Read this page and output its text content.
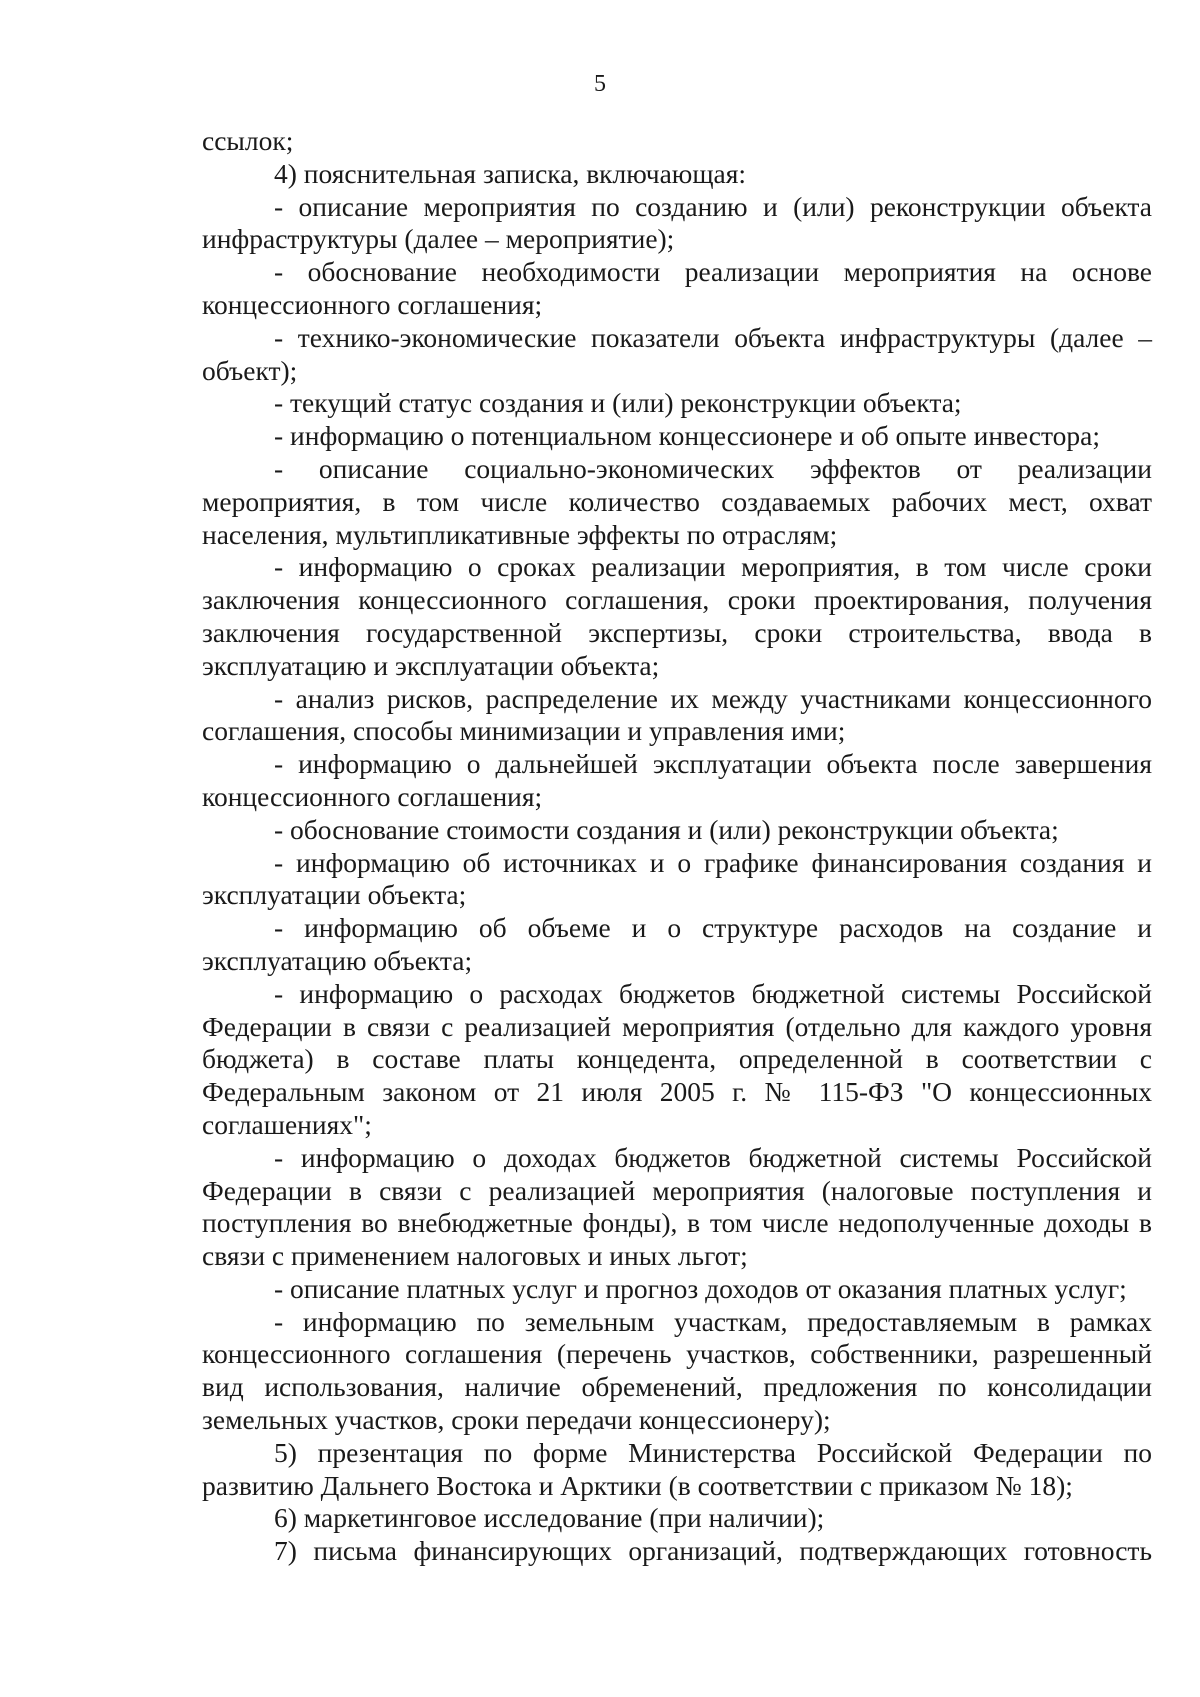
5

ссылок;

4) пояснительная записка, включающая:

- описание мероприятия по созданию и (или) реконструкции объекта инфраструктуры (далее – мероприятие);

- обоснование необходимости реализации мероприятия на основе концессионного соглашения;

- технико-экономические показатели объекта инфраструктуры (далее – объект);

- текущий статус создания и (или) реконструкции объекта;

- информацию о потенциальном концессионере и об опыте инвестора;

- описание социально-экономических эффектов от реализации мероприятия, в том числе количество создаваемых рабочих мест, охват населения, мультипликативные эффекты по отраслям;

- информацию о сроках реализации мероприятия, в том числе сроки заключения концессионного соглашения, сроки проектирования, получения заключения государственной экспертизы, сроки строительства, ввода в эксплуатацию и эксплуатации объекта;

- анализ рисков, распределение их между участниками концессионного соглашения, способы минимизации и управления ими;

- информацию о дальнейшей эксплуатации объекта после завершения концессионного соглашения;

- обоснование стоимости создания и (или) реконструкции объекта;

- информацию об источниках и о графике финансирования создания и эксплуатации объекта;

- информацию об объеме и о структуре расходов на создание и эксплуатацию объекта;

- информацию о расходах бюджетов бюджетной системы Российской Федерации в связи с реализацией мероприятия (отдельно для каждого уровня бюджета) в составе платы концедента, определенной в соответствии с Федеральным законом от 21 июля 2005 г. № 115-ФЗ "О концессионных соглашениях";

- информацию о доходах бюджетов бюджетной системы Российской Федерации в связи с реализацией мероприятия (налоговые поступления и поступления во внебюджетные фонды), в том числе недополученные доходы в связи с применением налоговых и иных льгот;

- описание платных услуг и прогноз доходов от оказания платных услуг;

- информацию по земельным участкам, предоставляемым в рамках концессионного соглашения (перечень участков, собственники, разрешенный вид использования, наличие обременений, предложения по консолидации земельных участков, сроки передачи концессионеру);

5) презентация по форме Министерства Российской Федерации по развитию Дальнего Востока и Арктики (в соответствии с приказом № 18);

6) маркетинговое исследование (при наличии);

7) письма финансирующих организаций, подтверждающих готовность
